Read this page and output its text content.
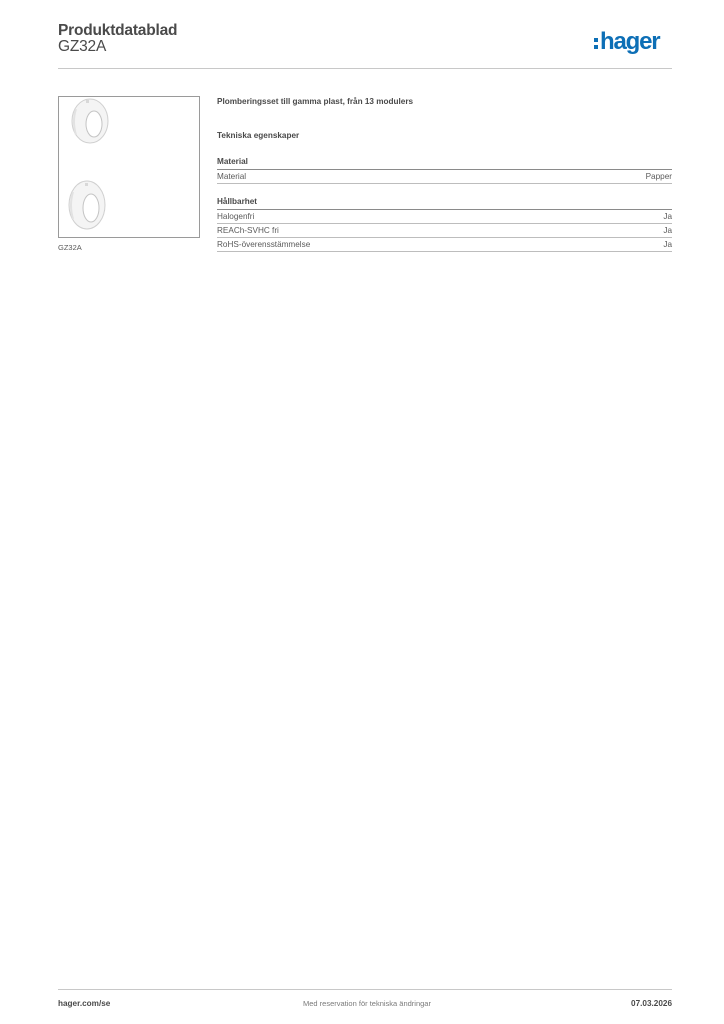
Produktdatablad
GZ32A	hager
GZ32A

Plomberingsset till gamma plast, från 13 modulers

Tekniska egenskaper
Material
Material	Papper
Hållbarhet
Halogenfri	Ja
REACh-SVHC fri	Ja
RoHS-överensstämmelse	Ja
hager.com/se	Med reservation för tekniska ändringar	07.03.2026
